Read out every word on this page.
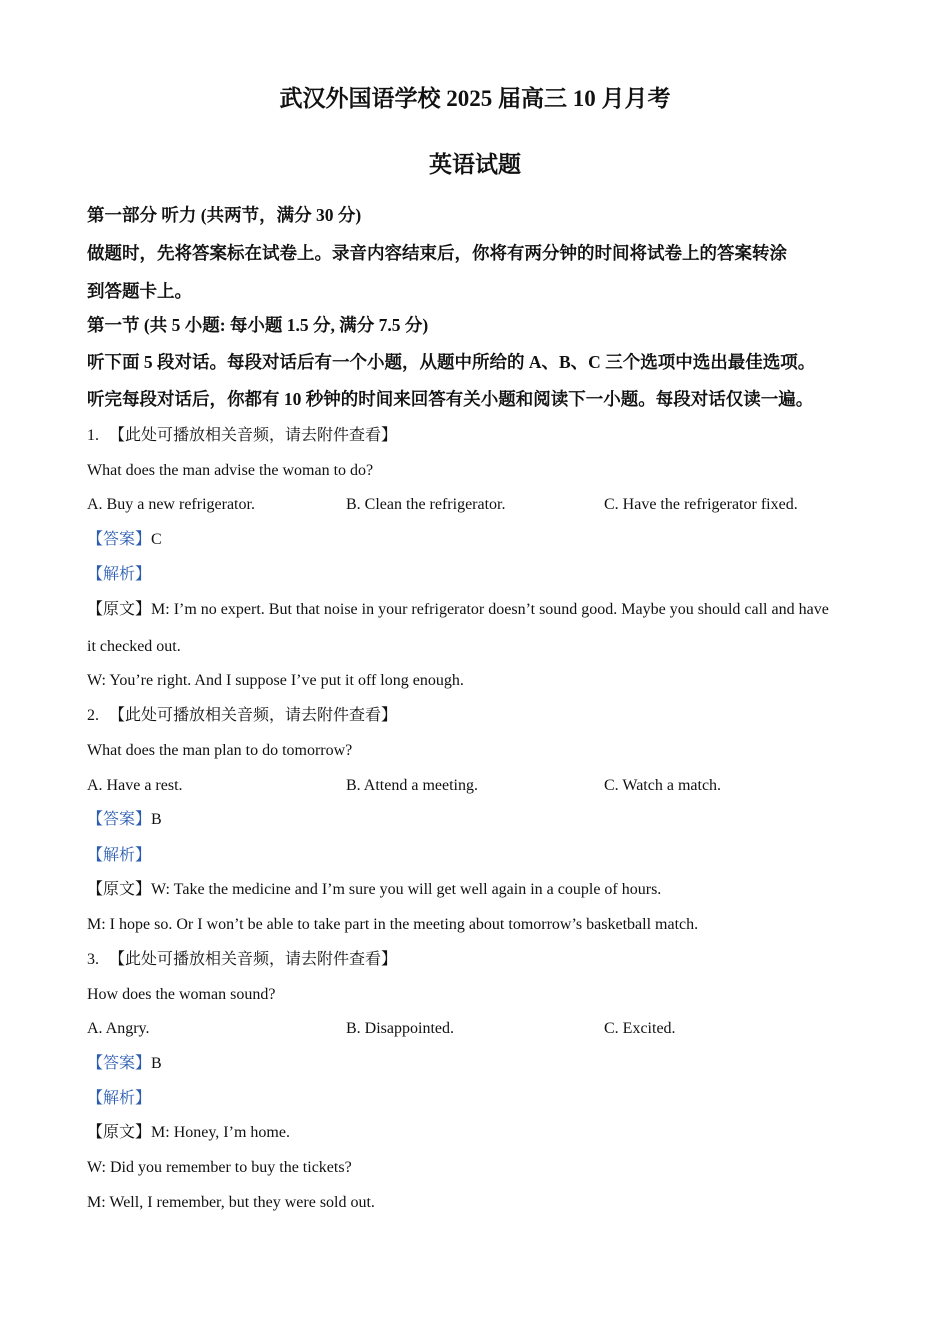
武汉外国语学校 2025 届高三 10 月月考
英语试题
第一部分 听力 (共两节，满分 30 分)
做题时，先将答案标在试卷上。录音内容结束后，你将有两分钟的时间将试卷上的答案转涂
到答题卡上。
第一节 (共 5 小题: 每小题 1.5 分, 满分 7.5 分)
听下面 5 段对话。每段对话后有一个小题，从题中所给的 A、B、C 三个选项中选出最佳选项。
听完每段对话后，你都有 10 秒钟的时间来回答有关小题和阅读下一小题。每段对话仅读一遍。
1. 【此处可播放相关音频，请去附件查看】
What does the man advise the woman to do?
A. Buy a new refrigerator.	B. Clean the refrigerator.	C. Have the refrigerator fixed.
【答案】C
【解析】
【原文】M: I’m no expert. But that noise in your refrigerator doesn’t sound good. Maybe you should call and have
it checked out.
W: You’re right. And I suppose I’ve put it off long enough.
2. 【此处可播放相关音频，请去附件查看】
What does the man plan to do tomorrow?
A. Have a rest.	B. Attend a meeting.	C. Watch a match.
【答案】B
【解析】
【原文】W: Take the medicine and I’m sure you will get well again in a couple of hours.
M: I hope so. Or I won’t be able to take part in the meeting about tomorrow’s basketball match.
3. 【此处可播放相关音频，请去附件查看】
How does the woman sound?
A. Angry.	B. Disappointed.	C. Excited.
【答案】B
【解析】
【原文】M: Honey, I’m home.
W: Did you remember to buy the tickets?
M: Well, I remember, but they were sold out.
